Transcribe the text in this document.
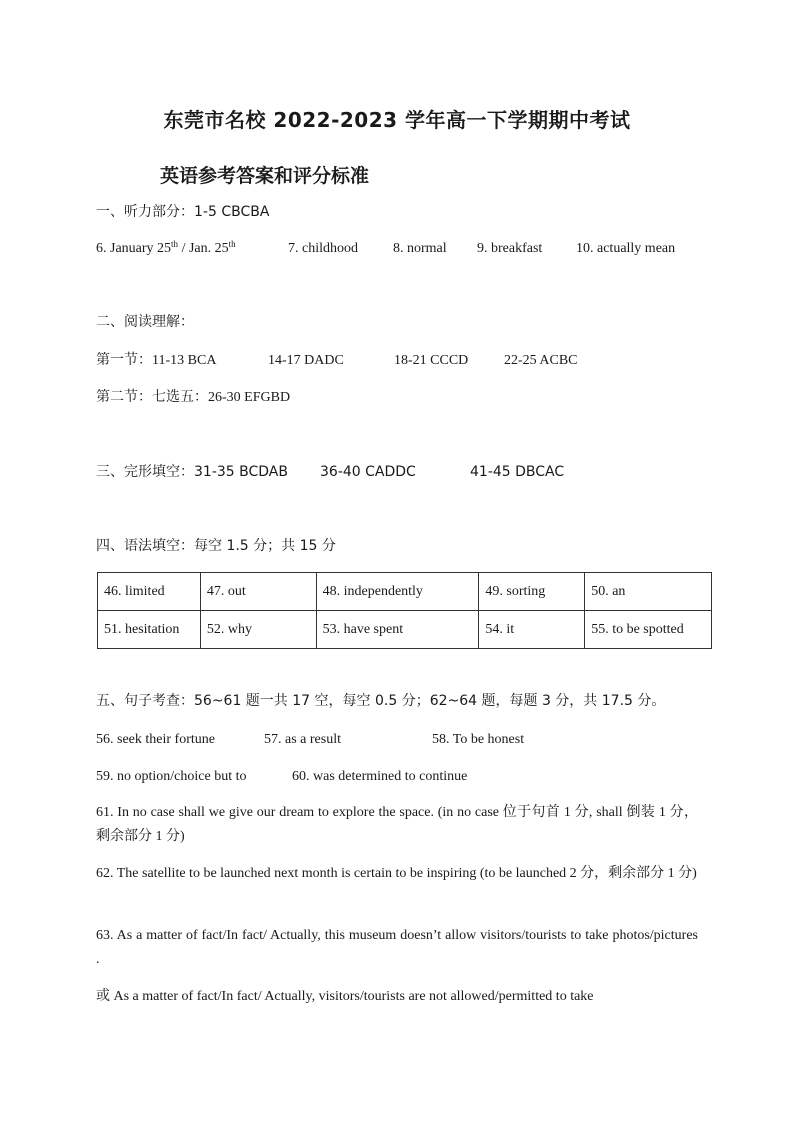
东莞市名校 2022-2023 学年高一下学期期中考试
英语参考答案和评分标准
一、听力部分：1-5 CBCBA
6. January 25th / Jan. 25th	7. childhood	8. normal 9. breakfast 10. actually mean
二、阅读理解：
第一节：11-13 BCA	14-17 DADC	18-21 CCCD	22-25 ACBC
第二节：七选五：26-30 EFGBD
三、完形填空：31-35 BCDAB 36-40 CADDC	41-45 DBCAC
四、语法填空：每空 1.5 分；共 15 分
46. limited	47. out	48. independently	49. sorting	50. an
51. hesitation	52. why	53. have spent	54. it	55. to be spotted
五、句子考查：56~61 题一共 17 空，每空 0.5 分；62~64 题，每题 3 分，共 17.5 分。
56. seek their fortune	57. as a result	58. To be honest
59. no option/choice but to	60. was determined to continue
61. In no case shall we give our dream to explore the space. (in no case 位于句首 1 分, shall 倒装 1 分，剩余部分 1 分)
62. The satellite to be launched next month is certain to be inspiring (to be launched 2 分，剩余部分 1 分)
63. As a matter of fact/In fact/ Actually, this museum doesn’t allow visitors/tourists to take photos/pictures .
或 As a matter of fact/In fact/ Actually, visitors/tourists are not allowed/permitted to take
